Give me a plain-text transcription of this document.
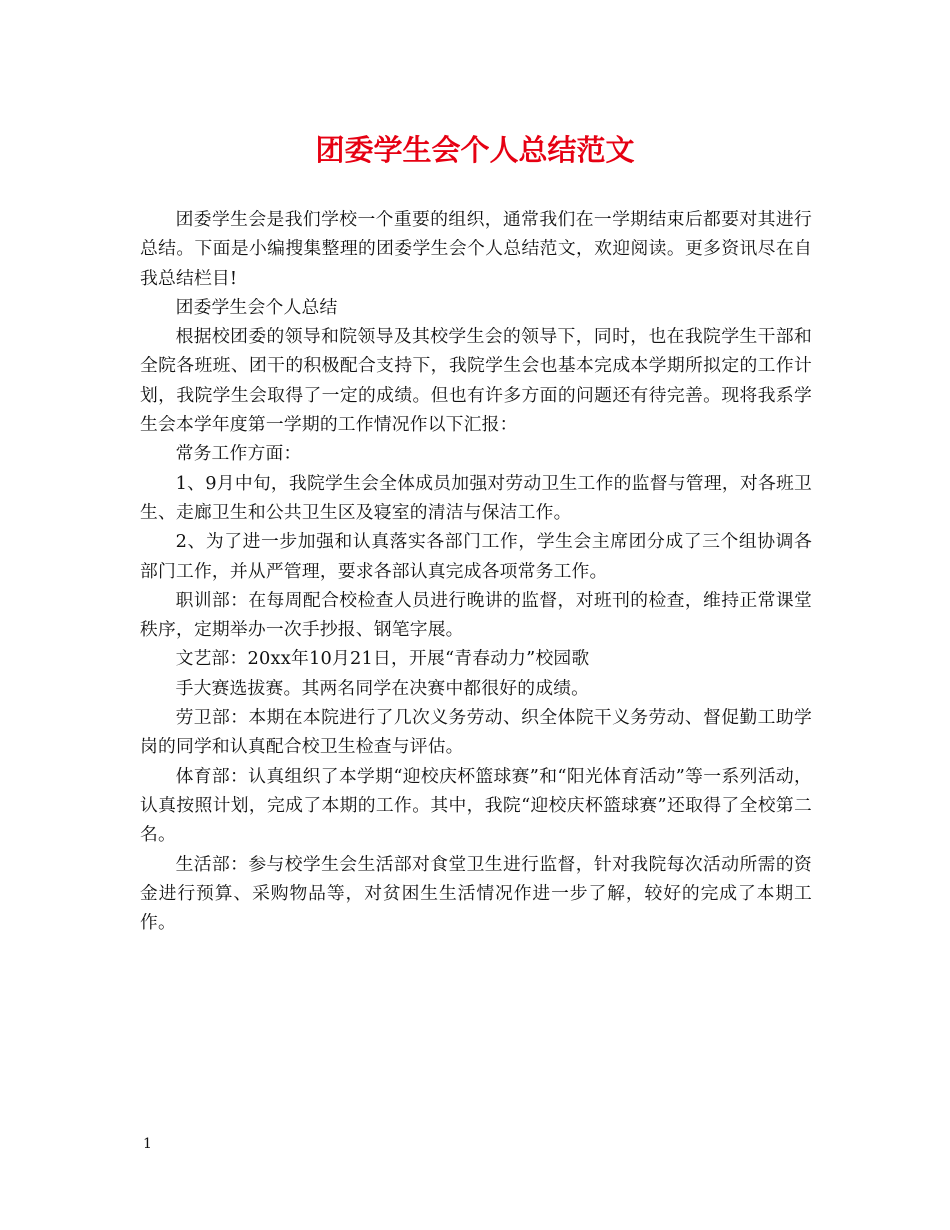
团委学生会个人总结范文

团委学生会是我们学校一个重要的组织，通常我们在一学期结束后都要对其进行总结。下面是小编搜集整理的团委学生会个人总结范文，欢迎阅读。更多资讯尽在自我总结栏目!

团委学生会个人总结

根据校团委的领导和院领导及其校学生会的领导下，同时，也在我院学生干部和全院各班班、团干的积极配合支持下，我院学生会也基本完成本学期所拟定的工作计划，我院学生会取得了一定的成绩。但也有许多方面的问题还有待完善。现将我系学生会本学年度第一学期的工作情况作以下汇报：

常务工作方面：

1、9月中旬，我院学生会全体成员加强对劳动卫生工作的监督与管理，对各班卫生、走廊卫生和公共卫生区及寝室的清洁与保洁工作。

2、为了进一步加强和认真落实各部门工作，学生会主席团分成了三个组协调各部门工作，并从严管理，要求各部认真完成各项常务工作。

职训部：在每周配合校检查人员进行晚讲的监督，对班刊的检查，维持正常课堂秩序，定期举办一次手抄报、钢笔字展。

文艺部：20xx年10月21日，开展“青春动力”校园歌

手大赛选拔赛。其两名同学在决赛中都很好的成绩。

劳卫部：本期在本院进行了几次义务劳动、织全体院干义务劳动、督促勤工助学岗的同学和认真配合校卫生检查与评估。

体育部：认真组织了本学期“迎校庆杯篮球赛”和“阳光体育活动”等一系列活动，认真按照计划，完成了本期的工作。其中，我院“迎校庆杯篮球赛”还取得了全校第二名。

生活部：参与校学生会生活部对食堂卫生进行监督，针对我院每次活动所需的资金进行预算、采购物品等，对贫困生生活情况作进一步了解，较好的完成了本期工作。

1
